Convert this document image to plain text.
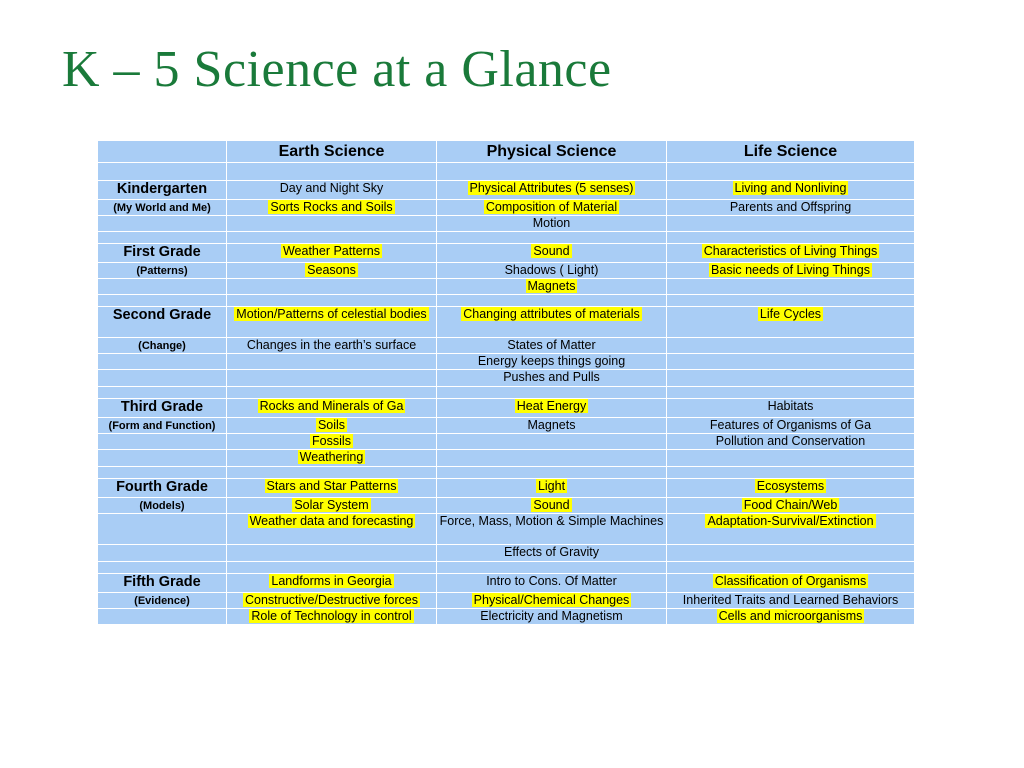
K – 5 Science at a Glance
	Earth Science	Physical Science	Life Science

Kindergarten	Day and Night Sky	Physical Attributes (5 senses)	Living and Nonliving
(My World and Me)	Sorts Rocks and Soils	Composition of Material	Parents and Offspring
		Motion	

First Grade	Weather Patterns	Sound	Characteristics of Living Things
(Patterns)	Seasons	Shadows ( Light)	Basic needs of Living Things
		Magnets	

Second Grade	Motion/Patterns of celestial bodies	Changing attributes of materials	Life Cycles
(Change)	Changes in the earth’s surface	States of Matter	
		Energy keeps things going	
		Pushes and Pulls	

Third Grade	Rocks and Minerals of Ga	Heat Energy	Habitats
(Form and Function)	Soils	Magnets	Features of Organisms of Ga
	Fossils		Pollution and Conservation
	Weathering		

Fourth Grade	Stars and Star Patterns	Light	Ecosystems
(Models)	Solar System	Sound	Food Chain/Web
	Weather data and forecasting	Force, Mass, Motion & Simple Machines	Adaptation-Survival/Extinction
		Effects of Gravity	

Fifth Grade	Landforms in Georgia	Intro to Cons. Of Matter	Classification of Organisms
(Evidence)	Constructive/Destructive forces	Physical/Chemical Changes	Inherited Traits and Learned Behaviors
	Role of Technology in control	Electricity and Magnetism	Cells and microorganisms
